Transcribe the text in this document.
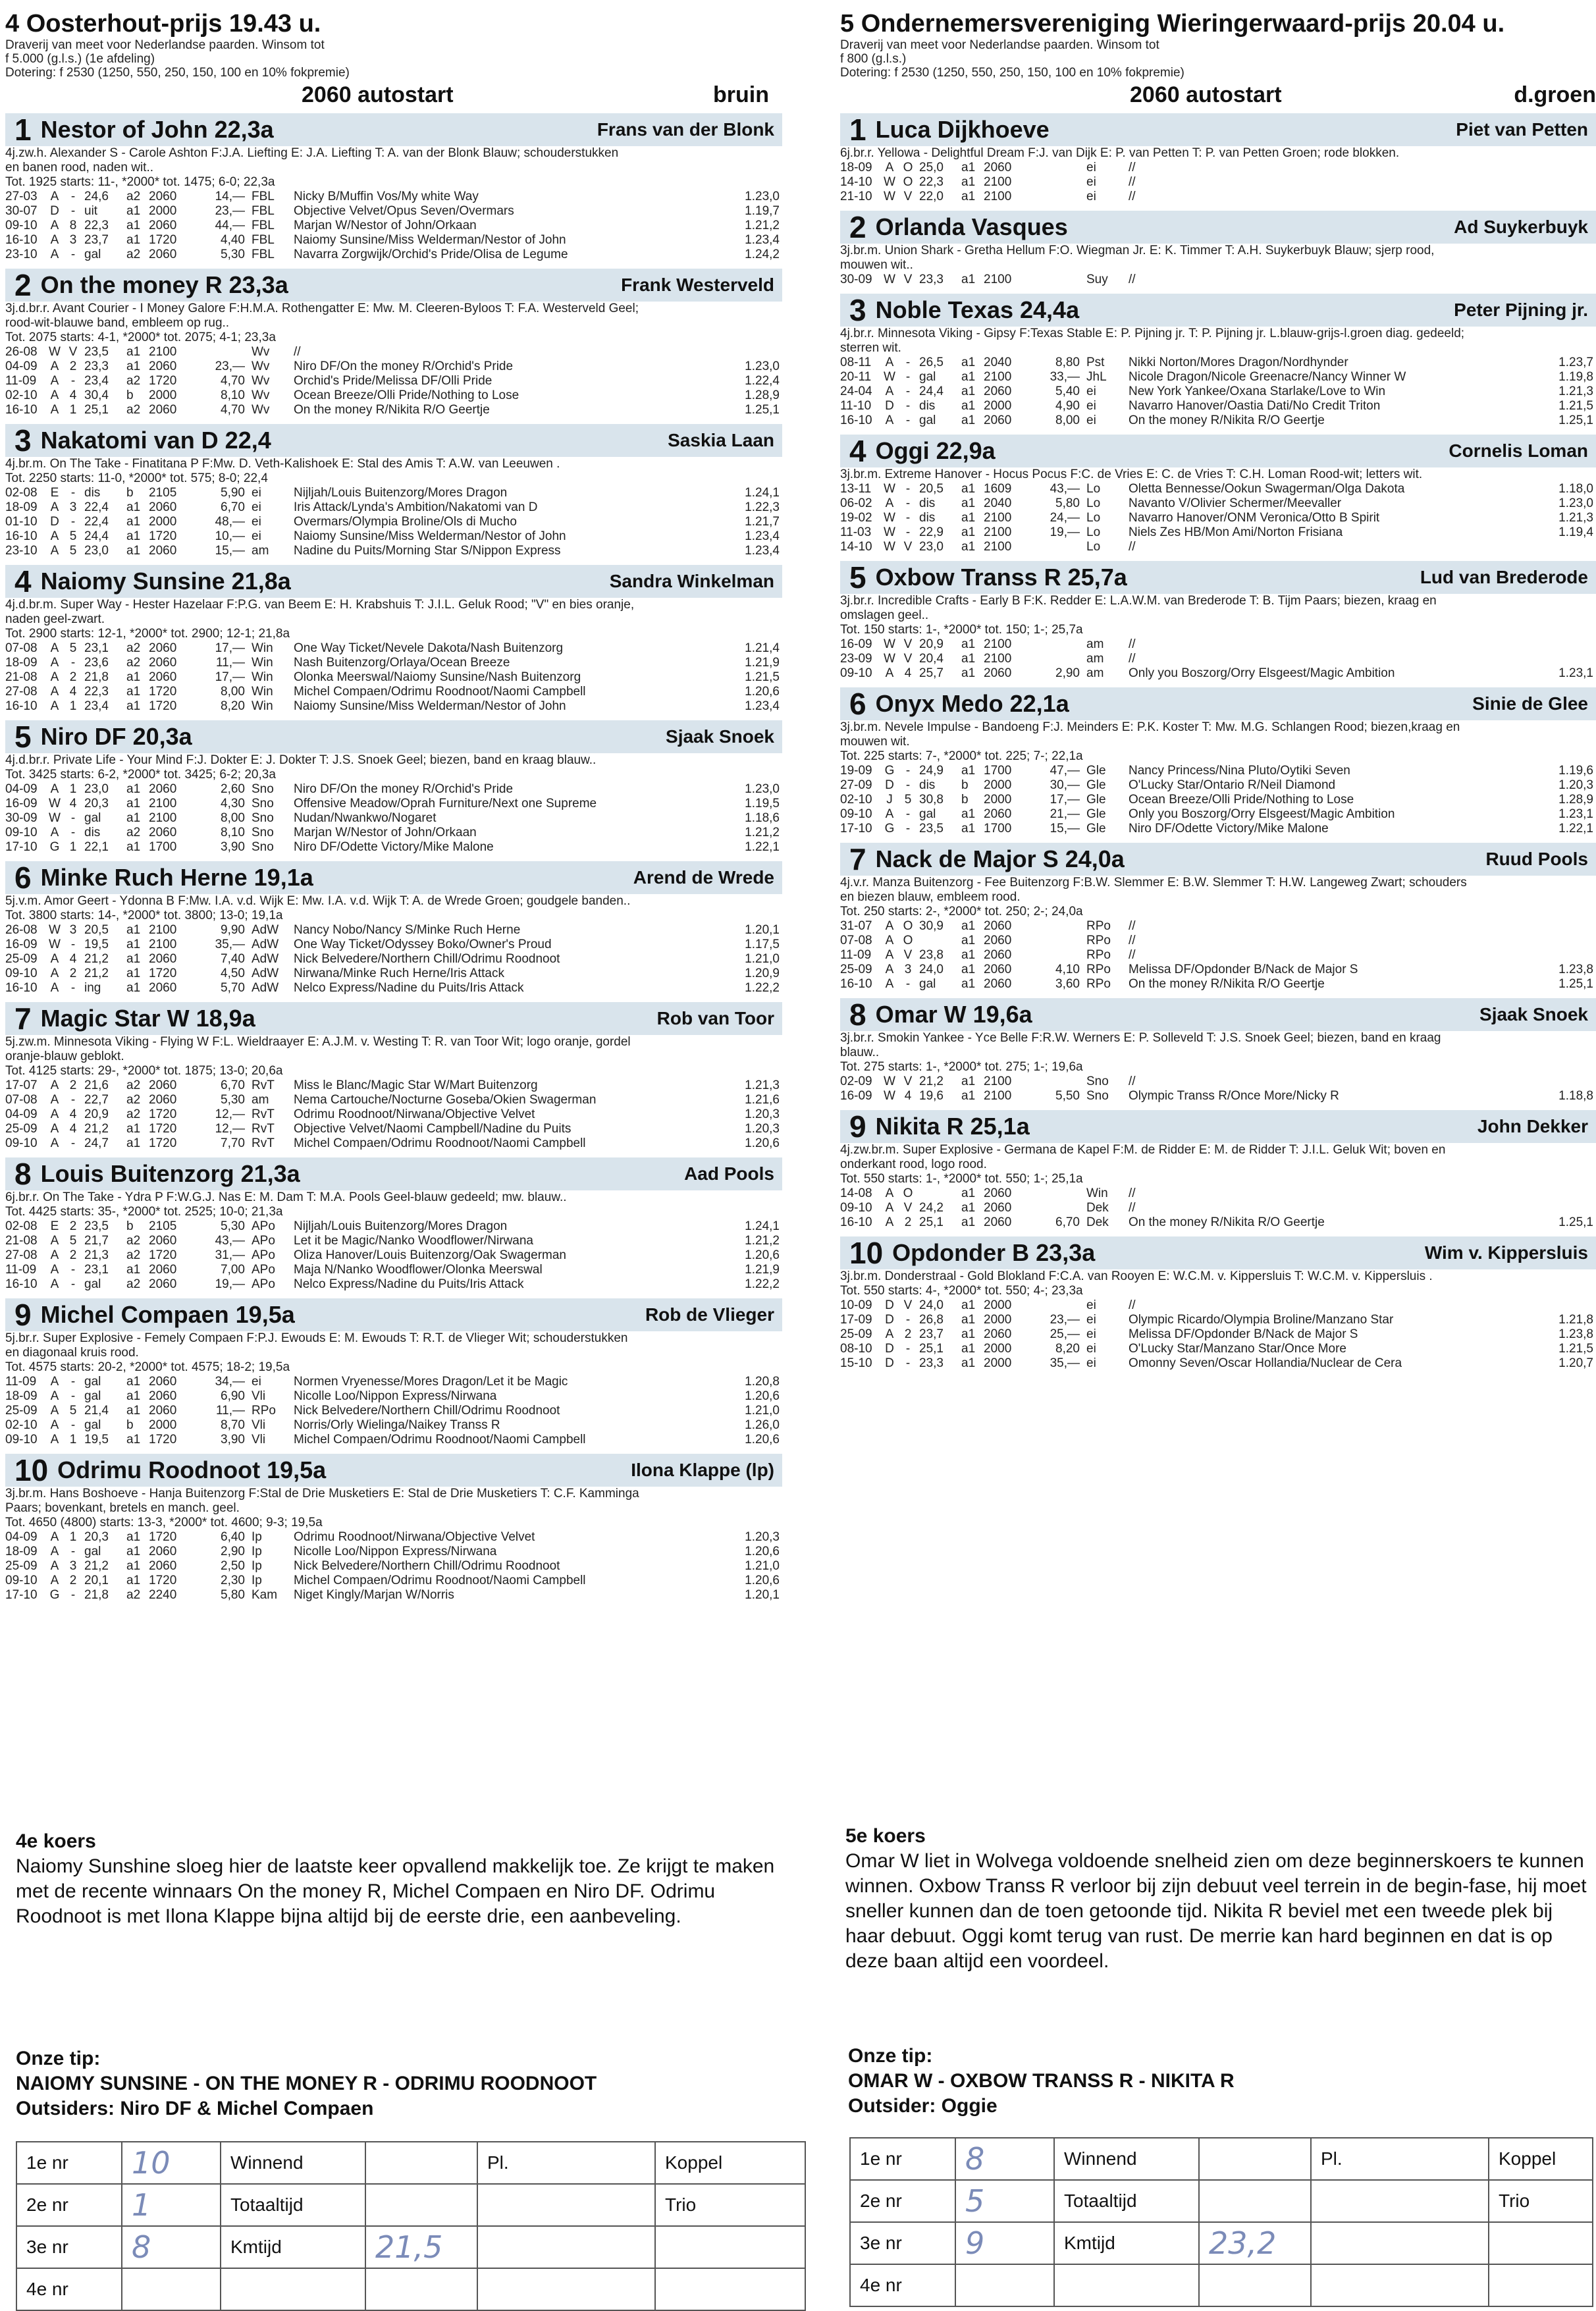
4 Oosterhout-prijs 19.43 u.
Draverij van meet voor Nederlandse paarden. Winsom tot
f 5.000 (g.l.s.) (1e afdeling)
Dotering: f 2530 (1250, 550, 250, 150, 100 en 10% fokpremie)
2060 autostart	bruin
1 Nestor of John 22,3a	Frans van der Blonk
4j.zw.h. Alexander S - Carole Ashton F:J.A. Liefting E: J.A. Liefting T: A. van der Blonk Blauw; schouderstukken
en banen rood, naden wit..
Tot. 1925 starts: 11-, *2000* tot. 1475; 6-0; 22,3a
27-03	A	-	24,6	a2	2060	14,—	FBL	Nicky B/Muffin Vos/My white Way	1.23,0
30-07	D	-	uit	a1	2000	23,—	FBL	Objective Velvet/Opus Seven/Overmars	1.19,7
09-10	A	8	22,3	a1	2060	44,—	FBL	Marjan W/Nestor of John/Orkaan	1.21,2
16-10	A	3	23,7	a1	1720	4,40	FBL	Naiomy Sunsine/Miss Welderman/Nestor of John	1.23,4
23-10	A	-	gal	a2	2060	5,30	FBL	Navarra Zorgwijk/Orchid's Pride/Olisa de Legume	1.24,2
2 On the money R 23,3a	Frank Westerveld
3j.d.br.r. Avant Courier - I Money Galore F:H.M.A. Rothengatter E: Mw. M. Cleeren-Byloos T: F.A. Westerveld Geel;
rood-wit-blauwe band, embleem op rug..
Tot. 2075 starts: 4-1, *2000* tot. 2075; 4-1; 23,3a
26-08	W	V	23,5	a1	2100		Wv	//	
04-09	A	2	23,3	a1	2060	23,—	Wv	Niro DF/On the money R/Orchid's Pride	1.23,0
11-09	A	-	23,4	a2	1720	4,70	Wv	Orchid's Pride/Melissa DF/Olli Pride	1.22,4
02-10	A	4	30,4	b	2000	8,10	Wv	Ocean Breeze/Olli Pride/Nothing to Lose	1.28,9
16-10	A	1	25,1	a2	2060	4,70	Wv	On the money R/Nikita R/O Geertje	1.25,1
3 Nakatomi van D 22,4	Saskia Laan
4j.br.m. On The Take - Finatitana P F:Mw. D. Veth-Kalishoek E: Stal des Amis T: A.W. van Leeuwen .
Tot. 2250 starts: 11-0, *2000* tot. 575; 8-0; 22,4
02-08	E	-	dis	b	2105	5,90	ei	Nijljah/Louis Buitenzorg/Mores Dragon	1.24,1
18-09	A	3	22,4	a1	2060	6,70	ei	Iris Attack/Lynda's Ambition/Nakatomi van D	1.22,3
01-10	D	-	22,4	a1	2000	48,—	ei	Overmars/Olympia Broline/Ols di Mucho	1.21,7
16-10	A	5	24,4	a1	1720	10,—	ei	Naiomy Sunsine/Miss Welderman/Nestor of John	1.23,4
23-10	A	5	23,0	a1	2060	15,—	am	Nadine du Puits/Morning Star S/Nippon Express	1.23,4
4 Naiomy Sunsine 21,8a	Sandra Winkelman
4j.d.br.m. Super Way - Hester Hazelaar F:P.G. van Beem E: H. Krabshuis T: J.I.L. Geluk Rood; "V" en bies oranje,
naden geel-zwart.
Tot. 2900 starts: 12-1, *2000* tot. 2900; 12-1; 21,8a
07-08	A	5	23,1	a2	2060	17,—	Win	One Way Ticket/Nevele Dakota/Nash Buitenzorg	1.21,4
18-09	A	-	23,6	a2	2060	11,—	Win	Nash Buitenzorg/Orlaya/Ocean Breeze	1.21,9
21-08	A	2	21,8	a1	2060	17,—	Win	Olonka Meerswal/Naiomy Sunsine/Nash Buitenzorg	1.21,5
27-08	A	4	22,3	a1	1720	8,00	Win	Michel Compaen/Odrimu Roodnoot/Naomi Campbell	1.20,6
16-10	A	1	23,4	a1	1720	8,20	Win	Naiomy Sunsine/Miss Welderman/Nestor of John	1.23,4
5 Niro DF 20,3a	Sjaak Snoek
4j.d.br.r. Private Life - Your Mind F:J. Dokter E: J. Dokter T: J.S. Snoek Geel; biezen, band en kraag blauw..
Tot. 3425 starts: 6-2, *2000* tot. 3425; 6-2; 20,3a
04-09	A	1	23,0	a1	2060	2,60	Sno	Niro DF/On the money R/Orchid's Pride	1.23,0
16-09	W	4	20,3	a1	2100	4,30	Sno	Offensive Meadow/Oprah Furniture/Next one Supreme	1.19,5
30-09	W	-	gal	a1	2100	8,00	Sno	Nudan/Nwankwo/Nogaret	1.18,6
09-10	A	-	dis	a2	2060	8,10	Sno	Marjan W/Nestor of John/Orkaan	1.21,2
17-10	G	1	22,1	a1	1700	3,90	Sno	Niro DF/Odette Victory/Mike Malone	1.22,1
6 Minke Ruch Herne 19,1a	Arend de Wrede
5j.v.m. Amor Geert - Ydonna B F:Mw. I.A. v.d. Wijk E: Mw. I.A. v.d. Wijk T: A. de Wrede Groen; goudgele banden..
Tot. 3800 starts: 14-, *2000* tot. 3800; 13-0; 19,1a
26-08	W	3	20,5	a1	2100	9,90	AdW	Nancy Nobo/Nancy S/Minke Ruch Herne	1.20,1
16-09	W	-	19,5	a1	2100	35,—	AdW	One Way Ticket/Odyssey Boko/Owner's Proud	1.17,5
25-09	A	4	21,2	a1	2060	7,40	AdW	Nick Belvedere/Northern Chill/Odrimu Roodnoot	1.21,0
09-10	A	2	21,2	a1	1720	4,50	AdW	Nirwana/Minke Ruch Herne/Iris Attack	1.20,9
16-10	A	-	ing	a1	2060	5,70	AdW	Nelco Express/Nadine du Puits/Iris Attack	1.22,2
7 Magic Star W 18,9a	Rob van Toor
5j.zw.m. Minnesota Viking - Flying W F:L. Wieldraayer E: A.J.M. v. Westing T: R. van Toor Wit; logo oranje, gordel
oranje-blauw geblokt.
Tot. 4125 starts: 29-, *2000* tot. 1875; 13-0; 20,6a
17-07	A	2	21,6	a2	2060	6,70	RvT	Miss le Blanc/Magic Star W/Mart Buitenzorg	1.21,3
07-08	A	-	22,7	a2	2060	5,30	am	Nema Cartouche/Nocturne Goseba/Okien Swagerman	1.21,6
04-09	A	4	20,9	a2	1720	12,—	RvT	Odrimu Roodnoot/Nirwana/Objective Velvet	1.20,3
25-09	A	4	21,2	a1	1720	12,—	RvT	Objective Velvet/Naomi Campbell/Nadine du Puits	1.20,3
09-10	A	-	24,7	a1	1720	7,70	RvT	Michel Compaen/Odrimu Roodnoot/Naomi Campbell	1.20,6
8 Louis Buitenzorg 21,3a	Aad Pools
6j.br.r. On The Take - Ydra P F:W.G.J. Nas E: M. Dam T: M.A. Pools Geel-blauw gedeeld; mw. blauw..
Tot. 4425 starts: 35-, *2000* tot. 2525; 10-0; 21,3a
02-08	E	2	23,5	b	2105	5,30	APo	Nijljah/Louis Buitenzorg/Mores Dragon	1.24,1
21-08	A	5	21,7	a2	2060	43,—	APo	Let it be Magic/Nanko Woodflower/Nirwana	1.21,2
27-08	A	2	21,3	a2	1720	31,—	APo	Oliza Hanover/Louis Buitenzorg/Oak Swagerman	1.20,6
11-09	A	-	23,1	a1	2060	7,00	APo	Maja N/Nanko Woodflower/Olonka Meerswal	1.21,9
16-10	A	-	gal	a2	2060	19,—	APo	Nelco Express/Nadine du Puits/Iris Attack	1.22,2
9 Michel Compaen 19,5a	Rob de Vlieger
5j.br.r. Super Explosive - Femely Compaen F:P.J. Ewouds E: M. Ewouds T: R.T. de Vlieger Wit; schouderstukken
en diagonaal kruis rood.
Tot. 4575 starts: 20-2, *2000* tot. 4575; 18-2; 19,5a
11-09	A	-	gal	a1	2060	34,—	ei	Normen Vryenesse/Mores Dragon/Let it be Magic	1.20,8
18-09	A	-	gal	a1	2060	6,90	Vli	Nicolle Loo/Nippon Express/Nirwana	1.20,6
25-09	A	5	21,4	a1	2060	11,—	RPo	Nick Belvedere/Northern Chill/Odrimu Roodnoot	1.21,0
02-10	A	-	gal	b	2000	8,70	Vli	Norris/Orly Wielinga/Naikey Transs R	1.26,0
09-10	A	1	19,5	a1	1720	3,90	Vli	Michel Compaen/Odrimu Roodnoot/Naomi Campbell	1.20,6
10 Odrimu Roodnoot 19,5a	Ilona Klappe (lp)
3j.br.m. Hans Boshoeve - Hanja Buitenzorg F:Stal de Drie Musketiers E: Stal de Drie Musketiers T: C.F. Kamminga
Paars; bovenkant, bretels en manch. geel.
Tot. 4650 (4800) starts: 13-3, *2000* tot. 4600; 9-3; 19,5a
04-09	A	1	20,3	a1	1720	6,40	Ip	Odrimu Roodnoot/Nirwana/Objective Velvet	1.20,3
18-09	A	-	gal	a1	2060	2,90	Ip	Nicolle Loo/Nippon Express/Nirwana	1.20,6
25-09	A	3	21,2	a1	2060	2,50	Ip	Nick Belvedere/Northern Chill/Odrimu Roodnoot	1.21,0
09-10	A	2	20,1	a1	1720	2,30	Ip	Michel Compaen/Odrimu Roodnoot/Naomi Campbell	1.20,6
17-10	G	-	21,8	a2	2240	5,80	Kam	Niget Kingly/Marjan W/Norris	1.20,1
5 Ondernemersvereniging Wieringerwaard-prijs 20.04 u.
Draverij van meet voor Nederlandse paarden. Winsom tot
f 800 (g.l.s.)
Dotering: f 2530 (1250, 550, 250, 150, 100 en 10% fokpremie)
2060 autostart	d.groen
1 Luca Dijkhoeve	Piet van Petten
6j.br.r. Yellowa - Delightful Dream F:J. van Dijk E: P. van Petten T: P. van Petten Groen; rode blokken.
18-09	A	O	25,0	a1	2060		ei	//	
14-10	W	O	22,3	a1	2100		ei	//	
21-10	W	V	22,0	a1	2100		ei	//	
2 Orlanda Vasques	Ad Suykerbuyk
3j.br.m. Union Shark - Gretha Hellum F:O. Wiegman Jr. E: K. Timmer T: A.H. Suykerbuyk Blauw; sjerp rood,
mouwen wit..
30-09	W	V	23,3	a1	2100		Suy	//	
3 Noble Texas 24,4a	Peter Pijning jr.
4j.br.r. Minnesota Viking - Gipsy F:Texas Stable E: P. Pijning jr. T: P. Pijning jr. L.blauw-grijs-l.groen diag. gedeeld;
sterren wit.
08-11	A	-	26,5	a1	2040	8,80	Pst	Nikki Norton/Mores Dragon/Nordhynder	1.23,7
20-11	W	-	gal	a1	2100	33,—	JhL	Nicole Dragon/Nicole Greenacre/Nancy Winner W	1.19,8
24-04	A	-	24,4	a1	2060	5,40	ei	New York Yankee/Oxana Starlake/Love to Win	1.21,3
11-10	D	-	dis	a1	2000	4,90	ei	Navarro Hanover/Oastia Dati/No Credit Triton	1.21,5
16-10	A	-	gal	a1	2060	8,00	ei	On the money R/Nikita R/O Geertje	1.25,1
4 Oggi 22,9a	Cornelis Loman
3j.br.m. Extreme Hanover - Hocus Pocus F:C. de Vries E: C. de Vries T: C.H. Loman Rood-wit; letters wit.
13-11	W	-	20,5	a1	1609	43,—	Lo	Oletta Bennesse/Ookun Swagerman/Olga Dakota	1.18,0
06-02	A	-	dis	a1	2040	5,80	Lo	Navanto V/Olivier Schermer/Meevaller	1.23,0
19-02	W	-	dis	a1	2100	24,—	Lo	Navarro Hanover/ONM Veronica/Otto B Spirit	1.21,3
11-03	W	-	22,9	a1	2100	19,—	Lo	Niels Zes HB/Mon Ami/Norton Frisiana	1.19,4
14-10	W	V	23,0	a1	2100		Lo	//	
5 Oxbow Transs R 25,7a	Lud van Brederode
3j.br.r. Incredible Crafts - Early B F:K. Redder E: L.A.W.M. van Brederode T: B. Tijm Paars; biezen, kraag en
omslagen geel..
Tot. 150 starts: 1-, *2000* tot. 150; 1-; 25,7a
16-09	W	V	20,9	a1	2100		am	//	
23-09	W	V	20,4	a1	2100		am	//	
09-10	A	4	25,7	a1	2060	2,90	am	Only you Boszorg/Orry Elsgeest/Magic Ambition	1.23,1
6 Onyx Medo 22,1a	Sinie de Glee
3j.br.m. Nevele Impulse - Bandoeng F:J. Meinders E: P.K. Koster T: Mw. M.G. Schlangen Rood; biezen,kraag en
mouwen wit.
Tot. 225 starts: 7-, *2000* tot. 225; 7-; 22,1a
19-09	G	-	24,9	a1	1700	47,—	Gle	Nancy Princess/Nina Pluto/Oytiki Seven	1.19,6
27-09	D	-	dis	b	2000	30,—	Gle	O'Lucky Star/Ontario R/Neil Diamond	1.20,3
02-10	J	5	30,8	b	2000	17,—	Gle	Ocean Breeze/Olli Pride/Nothing to Lose	1.28,9
09-10	A	-	gal	a1	2060	21,—	Gle	Only you Boszorg/Orry Elsgeest/Magic Ambition	1.23,1
17-10	G	-	23,5	a1	1700	15,—	Gle	Niro DF/Odette Victory/Mike Malone	1.22,1
7 Nack de Major S 24,0a	Ruud Pools
4j.v.r. Manza Buitenzorg - Fee Buitenzorg F:B.W. Slemmer E: B.W. Slemmer T: H.W. Langeweg Zwart; schouders
en biezen blauw, embleem rood.
Tot. 250 starts: 2-, *2000* tot. 250; 2-; 24,0a
31-07	A	O	30,9	a1	2060		RPo	//	
07-08	A	O		a1	2060		RPo	//	
11-09	A	V	23,8	a1	2060		RPo	//	
25-09	A	3	24,0	a1	2060	4,10	RPo	Melissa DF/Opdonder B/Nack de Major S	1.23,8
16-10	A	-	gal	a1	2060	3,60	RPo	On the money R/Nikita R/O Geertje	1.25,1
8 Omar W 19,6a	Sjaak Snoek
3j.br.r. Smokin Yankee - Yce Belle F:R.W. Werners E: P. Solleveld T: J.S. Snoek Geel; biezen, band en kraag
blauw..
Tot. 275 starts: 1-, *2000* tot. 275; 1-; 19,6a
02-09	W	V	21,2	a1	2100		Sno	//	
16-09	W	4	19,6	a1	2100	5,50	Sno	Olympic Transs R/Once More/Nicky R	1.18,8
9 Nikita R 25,1a	John Dekker
4j.zw.br.m. Super Explosive - Germana de Kapel F:M. de Ridder E: M. de Ridder T: J.I.L. Geluk Wit; boven en
onderkant rood, logo rood.
Tot. 550 starts: 1-, *2000* tot. 550; 1-; 25,1a
14-08	A	O		a1	2060		Win	//	
09-10	A	V	24,2	a1	2060		Dek	//	
16-10	A	2	25,1	a1	2060	6,70	Dek	On the money R/Nikita R/O Geertje	1.25,1
10 Opdonder B 23,3a	Wim v. Kippersluis
3j.br.m. Donderstraal - Gold Blokland F:C.A. van Rooyen E: W.C.M. v. Kippersluis T: W.C.M. v. Kippersluis .
Tot. 550 starts: 4-, *2000* tot. 550; 4-; 23,3a
10-09	D	V	24,0	a1	2000		ei	//	
17-09	D	-	26,8	a1	2000	23,—	ei	Olympic Ricardo/Olympia Broline/Manzano Star	1.21,8
25-09	A	2	23,7	a1	2060	25,—	ei	Melissa DF/Opdonder B/Nack de Major S	1.23,8
08-10	D	-	25,1	a1	2000	8,20	ei	O'Lucky Star/Manzano Star/Once More	1.21,5
15-10	D	-	23,3	a1	2000	35,—	ei	Omonny Seven/Oscar Hollandia/Nuclear de Cera	1.20,7
4e koers

Naiomy Sunshine sloeg hier de laatste keer opvallend makkelijk toe. Ze krijgt te maken met de recente winnaars On the money R, Michel Compaen en Niro DF. Odrimu Roodnoot is met Ilona Klappe bijna altijd bij de eerste drie, een aanbeveling.

Onze tip:
NAIOMY SUNSINE - ON THE MONEY R - ODRIMU ROODNOOT
Outsiders: Niro DF & Michel Compaen
1e nr	10	Winnend		Pl.	Koppel
2e nr	1	Totaaltijd			Trio
3e nr	8	Kmtijd	21,5		
4e nr					
5e koers

Omar W liet in Wolvega voldoende snelheid zien om deze beginnerskoers te kunnen winnen. Oxbow Transs R verloor bij zijn debuut veel terrein in de begin-fase, hij moet sneller kunnen dan de toen getoonde tijd. Nikita R beviel met een tweede plek bij haar debuut. Oggi komt terug van rust. De merrie kan hard beginnen en dat is op deze baan altijd een voordeel.

Onze tip:
OMAR W - OXBOW TRANSS R - NIKITA R
Outsider: Oggie
1e nr	8	Winnend		Pl.	Koppel
2e nr	5	Totaaltijd			Trio
3e nr	9	Kmtijd	23,2		
4e nr					
